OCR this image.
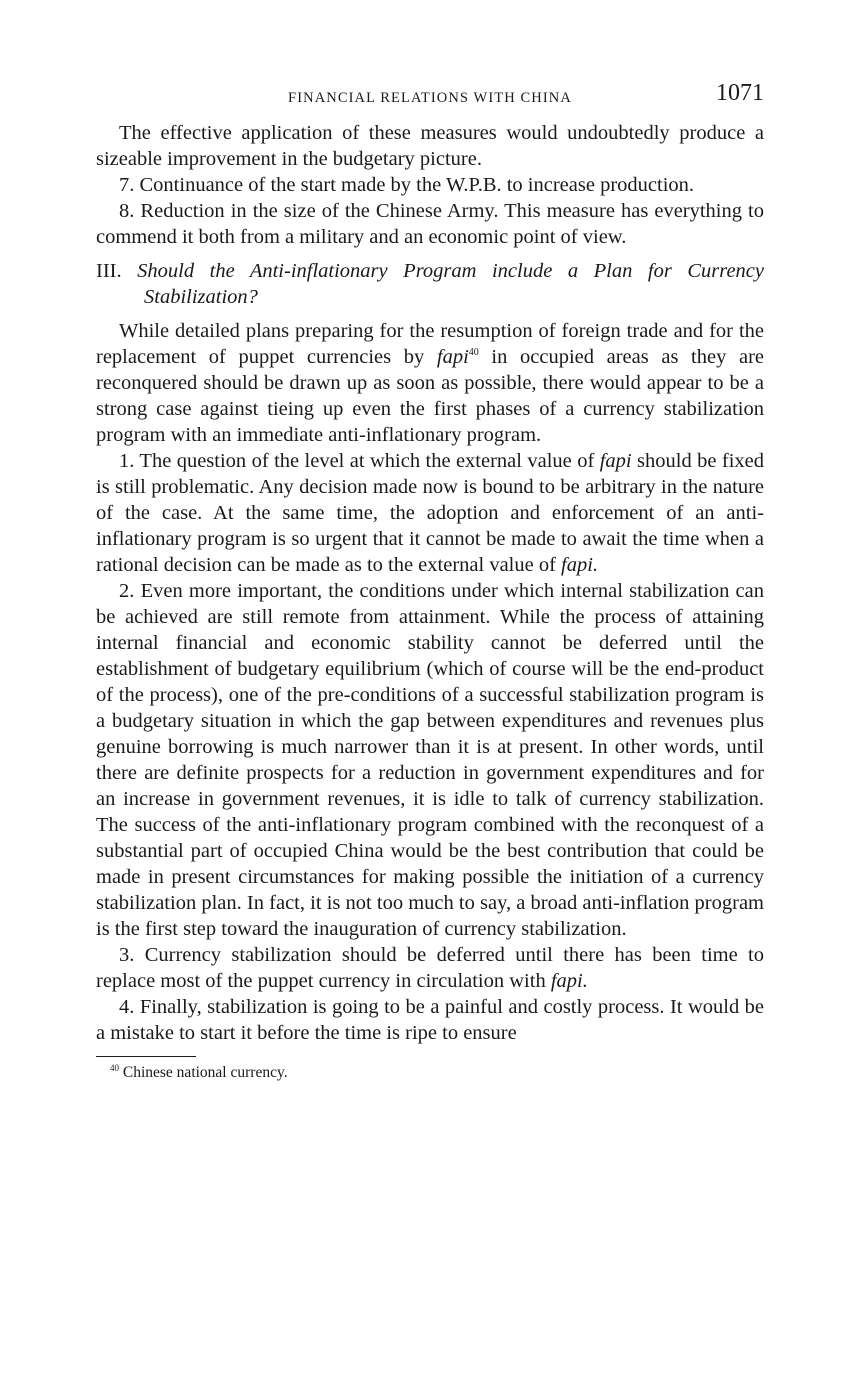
FINANCIAL RELATIONS WITH CHINA	1071

The effective application of these measures would undoubtedly produce a sizeable improvement in the budgetary picture.

7. Continuance of the start made by the W.P.B. to increase production.

8. Reduction in the size of the Chinese Army. This measure has everything to commend it both from a military and an economic point of view.

III. Should the Anti-inflationary Program include a Plan for Currency Stabilization?

While detailed plans preparing for the resumption of foreign trade and for the replacement of puppet currencies by fapi$^{40}$ in occupied areas as they are reconquered should be drawn up as soon as possible, there would appear to be a strong case against tieing up even the first phases of a currency stabilization program with an immediate anti-inflationary program.

1. The question of the level at which the external value of fapi should be fixed is still problematic. Any decision made now is bound to be arbitrary in the nature of the case. At the same time, the adoption and enforcement of an anti-inflationary program is so urgent that it cannot be made to await the time when a rational decision can be made as to the external value of fapi.

2. Even more important, the conditions under which internal stabilization can be achieved are still remote from attainment. While the process of attaining internal financial and economic stability cannot be deferred until the establishment of budgetary equilibrium (which of course will be the end-product of the process), one of the pre-conditions of a successful stabilization program is a budgetary situation in which the gap between expenditures and revenues plus genuine borrowing is much narrower than it is at present. In other words, until there are definite prospects for a reduction in government expenditures and for an increase in government revenues, it is idle to talk of currency stabilization. The success of the anti-inflationary program combined with the reconquest of a substantial part of occupied China would be the best contribution that could be made in present circumstances for making possible the initiation of a currency stabilization plan. In fact, it is not too much to say, a broad anti-inflation program is the first step toward the inauguration of currency stabilization.

3. Currency stabilization should be deferred until there has been time to replace most of the puppet currency in circulation with fapi.

4. Finally, stabilization is going to be a painful and costly process. It would be a mistake to start it before the time is ripe to ensure

$^{40}$ Chinese national currency.
